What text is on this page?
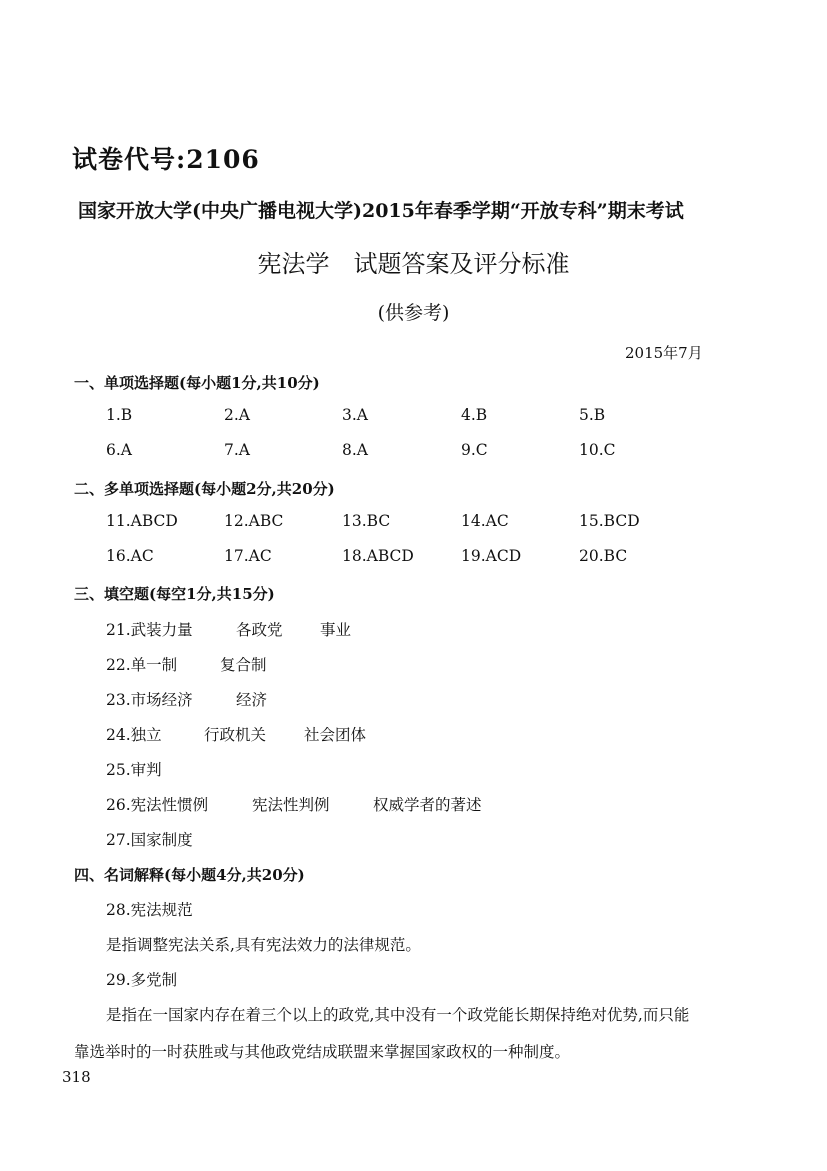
试卷代号:2106
国家开放大学(中央广播电视大学)2015年春季学期“开放专科”期末考试
宪法学　试题答案及评分标准
(供参考)
2015年7月
一、单项选择题(每小题1分,共10分)
1.B	2.A	3.A	4.B	5.B
6.A	7.A	8.A	9.C	10.C
二、多单项选择题(每小题2分,共20分)
11.ABCD	12.ABC	13.BC	14.AC	15.BCD
16.AC	17.AC	18.ABCD	19.ACD	20.BC
三、填空题(每空1分,共15分)
21.武装力量	各政党 事业
22.单一制	复合制
23.市场经济	经济
24.独立	行政机关 社会团体
25.审判
26.宪法性惯例	宪法性判例	权威学者的著述
27.国家制度
四、名词解释(每小题4分,共20分)
28.宪法规范
是指调整宪法关系,具有宪法效力的法律规范。
29.多党制
是指在一国家内存在着三个以上的政党,其中没有一个政党能长期保持绝对优势,而只能
靠选举时的一时获胜或与其他政党结成联盟来掌握国家政权的一种制度。
318
